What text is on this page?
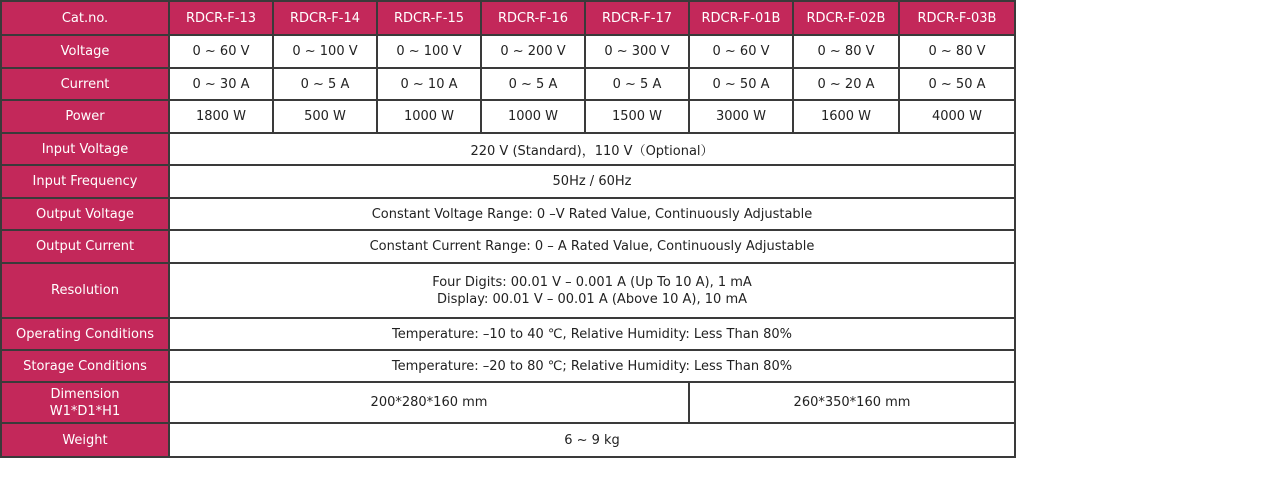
Cat.no.	RDCR-F-13	RDCR-F-14	RDCR-F-15	RDCR-F-16	RDCR-F-17	RDCR-F-01B	RDCR-F-02B	RDCR-F-03B
Voltage	0 ~ 60 V	0 ~ 100 V	0 ~ 100 V	0 ~ 200 V	0 ~ 300 V	0 ~ 60 V	0 ~ 80 V	0 ~ 80 V
Current	0 ~ 30 A	0 ~ 5 A	0 ~ 10 A	0 ~ 5 A	0 ~ 5 A	0 ~ 50 A	0 ~ 20 A	0 ~ 50 A
Power	1800 W	500 W	1000 W	1000 W	1500 W	3000 W	1600 W	4000 W
Input Voltage	220 V (Standard)，110 V（Optional）							
Input Frequency	50Hz / 60Hz							
Output Voltage	Constant Voltage Range: 0 –V Rated Value, Continuously Adjustable							
Output Current	Constant Current Range: 0 – A Rated Value, Continuously Adjustable							
Resolution	Four Digits: 00.01 V – 0.001 A (Up To 10 A), 1 mA
Display: 00.01 V – 00.01 A (Above 10 A), 10 mA							

Operating Conditions	Temperature: –10 to 40 ℃, Relative Humidity: Less Than 80%							
Storage Conditions	Temperature: –20 to 80 ℃; Relative Humidity: Less Than 80%							

Dimension
W1*D1*H1	200*280*160 mm					260*350*160 mm		
Weight	6 ~ 9 kg							
